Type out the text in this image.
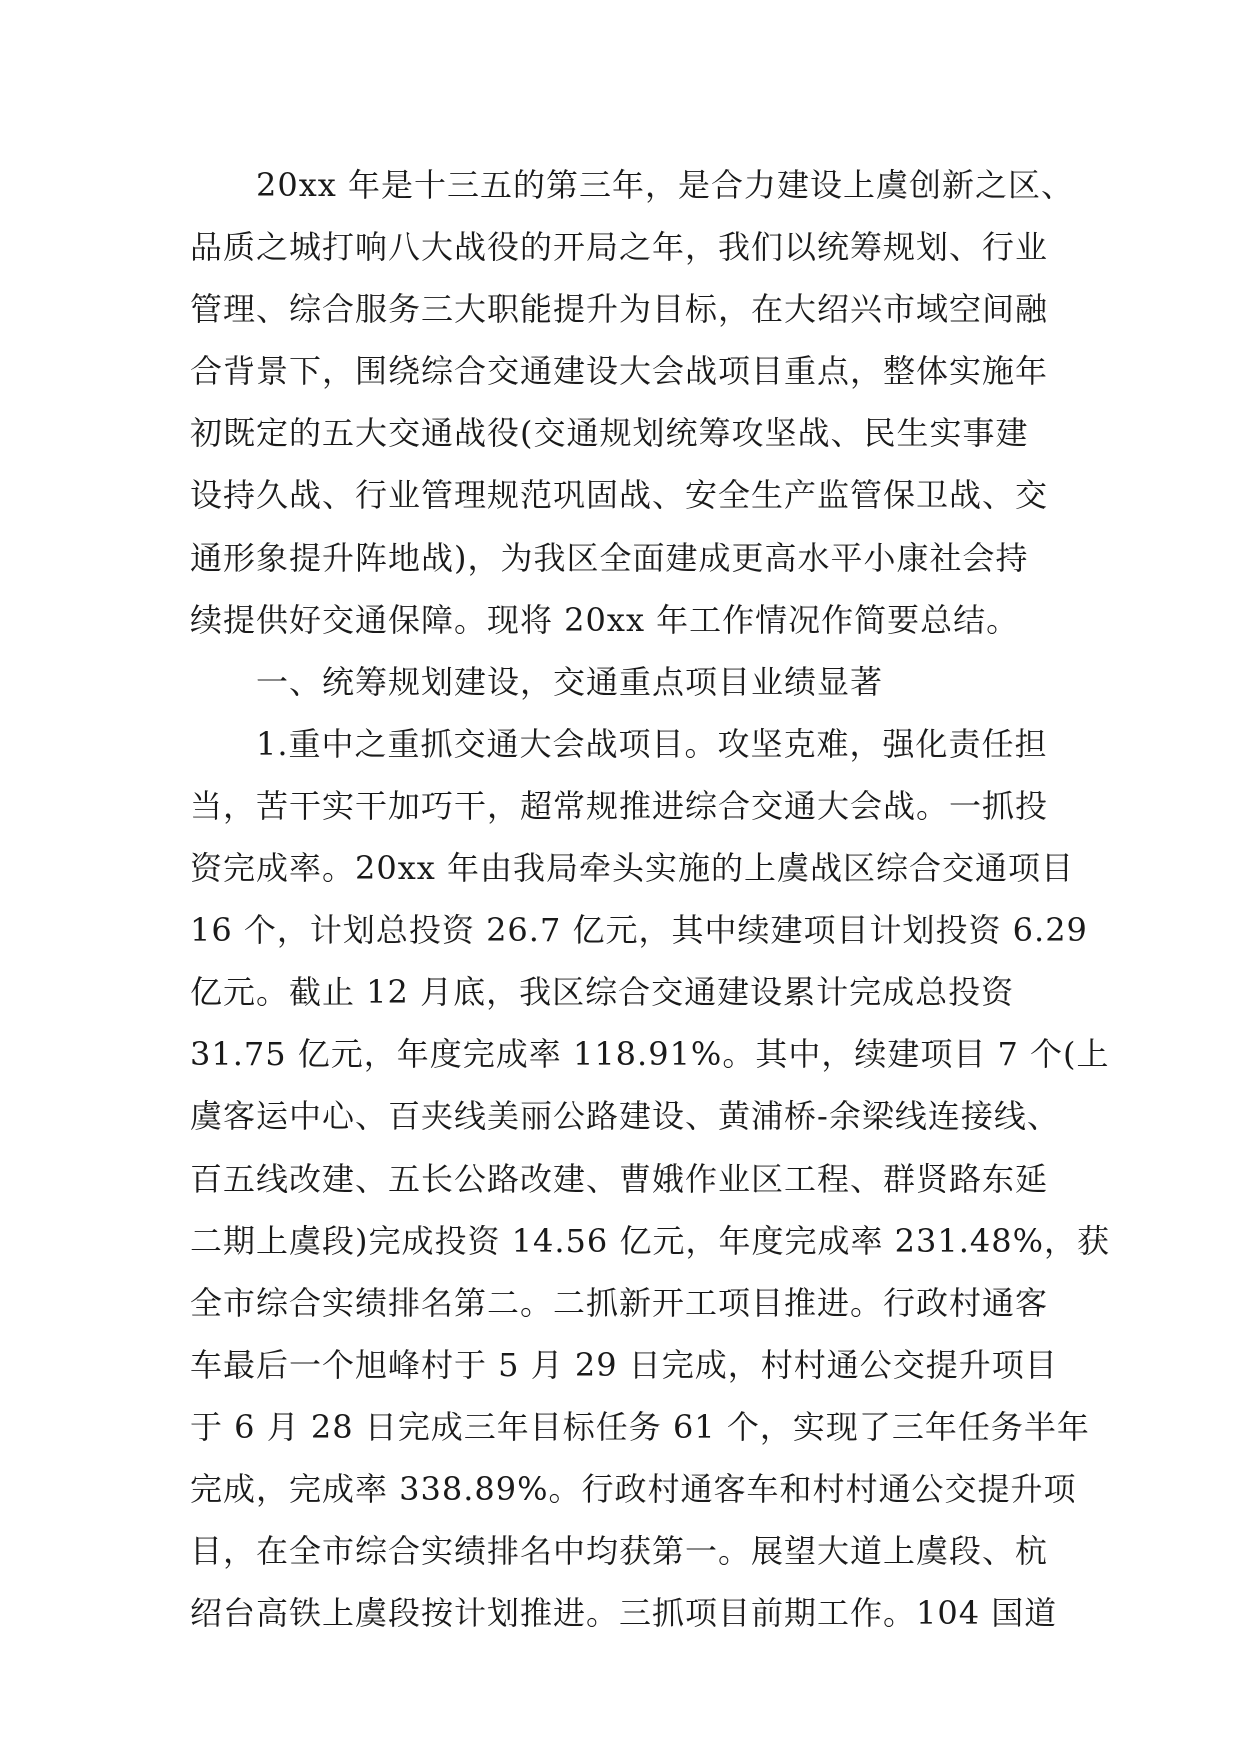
20xx 年是十三五的第三年，是合力建设上虞创新之区、
品质之城打响八大战役的开局之年，我们以统筹规划、行业
管理、综合服务三大职能提升为目标，在大绍兴市域空间融
合背景下，围绕综合交通建设大会战项目重点，整体实施年
初既定的五大交通战役(交通规划统筹攻坚战、民生实事建
设持久战、行业管理规范巩固战、安全生产监管保卫战、交
通形象提升阵地战)，为我区全面建成更高水平小康社会持
续提供好交通保障。现将 20xx 年工作情况作简要总结。
一、统筹规划建设，交通重点项目业绩显著
1.重中之重抓交通大会战项目。攻坚克难，强化责任担
当，苦干实干加巧干，超常规推进综合交通大会战。一抓投
资完成率。20xx 年由我局牵头实施的上虞战区综合交通项目
16 个，计划总投资 26.7 亿元，其中续建项目计划投资 6.29
亿元。截止 12 月底，我区综合交通建设累计完成总投资
31.75 亿元，年度完成率 118.91%。其中，续建项目 7 个(上
虞客运中心、百夹线美丽公路建设、黄浦桥-余梁线连接线、
百五线改建、五长公路改建、曹娥作业区工程、群贤路东延
二期上虞段)完成投资 14.56 亿元，年度完成率 231.48%，获
全市综合实绩排名第二。二抓新开工项目推进。行政村通客
车最后一个旭峰村于 5 月 29 日完成，村村通公交提升项目
于 6 月 28 日完成三年目标任务 61 个，实现了三年任务半年
完成，完成率 338.89%。行政村通客车和村村通公交提升项
目，在全市综合实绩排名中均获第一。展望大道上虞段、杭
绍台高铁上虞段按计划推进。三抓项目前期工作。104 国道
